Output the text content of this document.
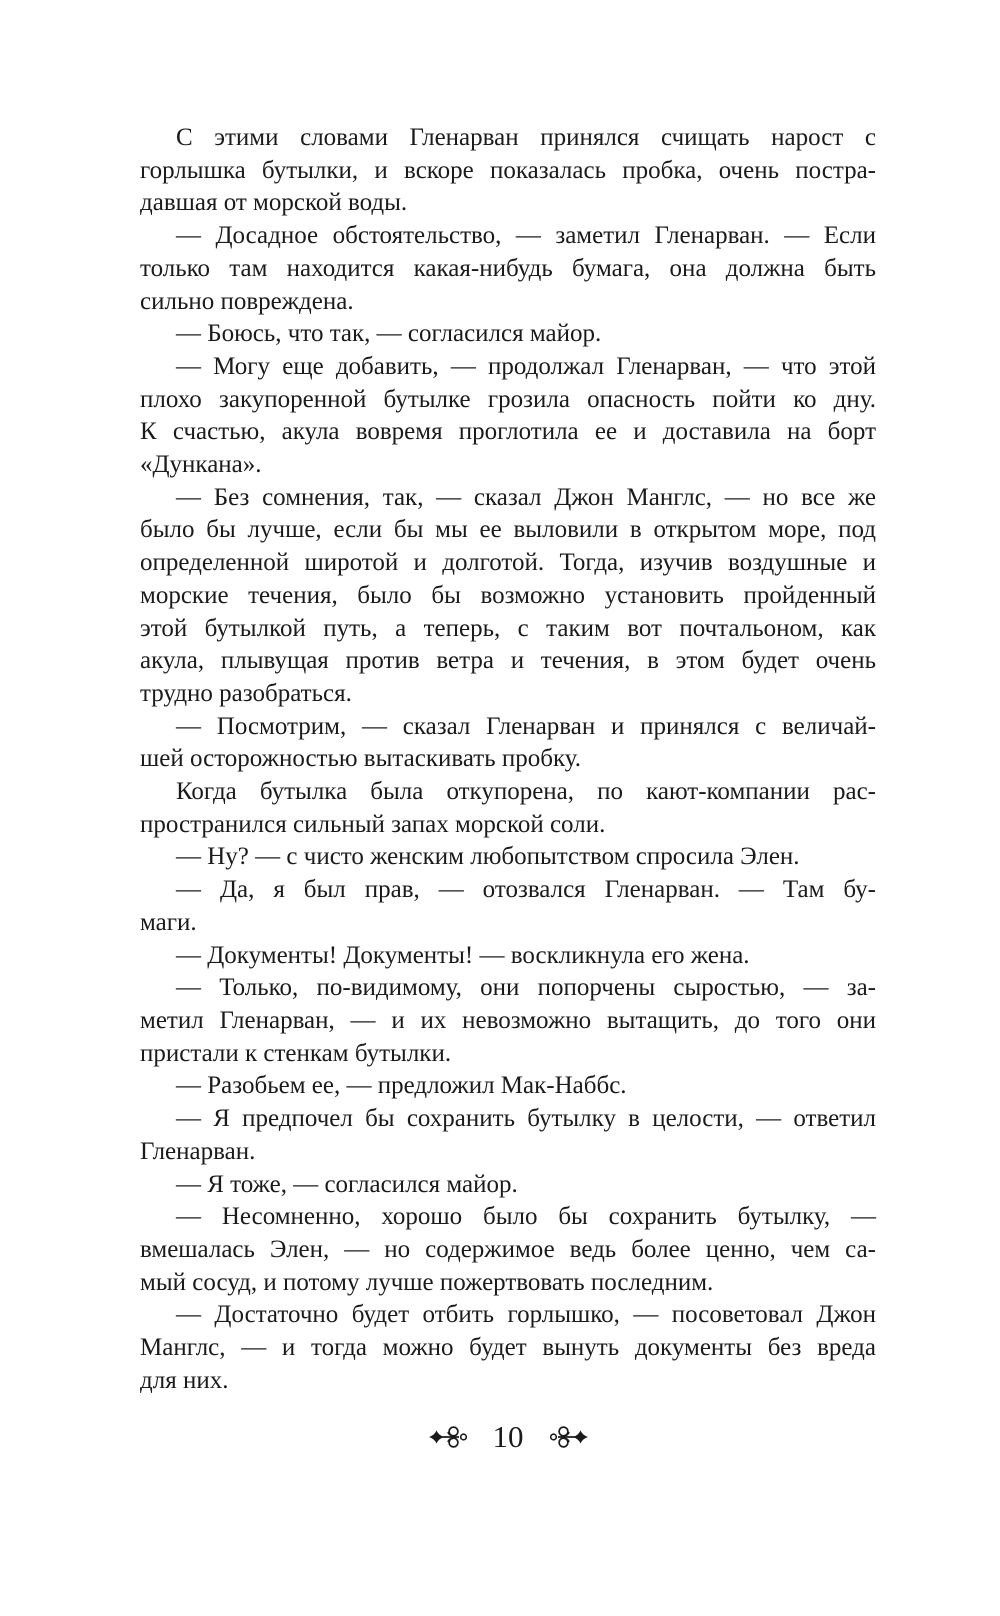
С этими словами Гленарван принялся счищать нарост с
горлышка бутылки, и вскоре показалась пробка, очень постра-
давшая от морской воды.
— Досадное обстоятельство, — заметил Гленарван. — Если
только там находится какая-нибудь бумага, она должна быть
сильно повреждена.
— Боюсь, что так, — согласился майор.
— Могу еще добавить, — продолжал Гленарван, — что этой
плохо закупоренной бутылке грозила опасность пойти ко дну.
К счастью, акула вовремя проглотила ее и доставила на борт
«Дункана».
— Без сомнения, так, — сказал Джон Манглс, — но все же
было бы лучше, если бы мы ее выловили в открытом море, под
определенной широтой и долготой. Тогда, изучив воздушные и
морские течения, было бы возможно установить пройденный
этой бутылкой путь, а теперь, с таким вот почтальоном, как
акула, плывущая против ветра и течения, в этом будет очень
трудно разобраться.
— Посмотрим, — сказал Гленарван и принялся с величай-
шей осторожностью вытаскивать пробку.
Когда бутылка была откупорена, по кают-компании рас-
пространился сильный запах морской соли.
— Ну? — с чисто женским любопытством спросила Элен.
— Да, я был прав, — отозвался Гленарван. — Там бу-
маги.
— Документы! Документы! — воскликнула его жена.
— Только, по-видимому, они попорчены сыростью, — за-
метил Гленарван, — и их невозможно вытащить, до того они
пристали к стенкам бутылки.
— Разобьем ее, — предложил Мак-Наббс.
— Я предпочел бы сохранить бутылку в целости, — ответил
Гленарван.
— Я тоже, — согласился майор.
— Несомненно, хорошо было бы сохранить бутылку, —
вмешалась Элен, — но содержимое ведь более ценно, чем са-
мый сосуд, и потому лучше пожертвовать последним.
— Достаточно будет отбить горлышко, — посоветовал Джон
Манглс, — и тогда можно будет вынуть документы без вреда
для них.
10
